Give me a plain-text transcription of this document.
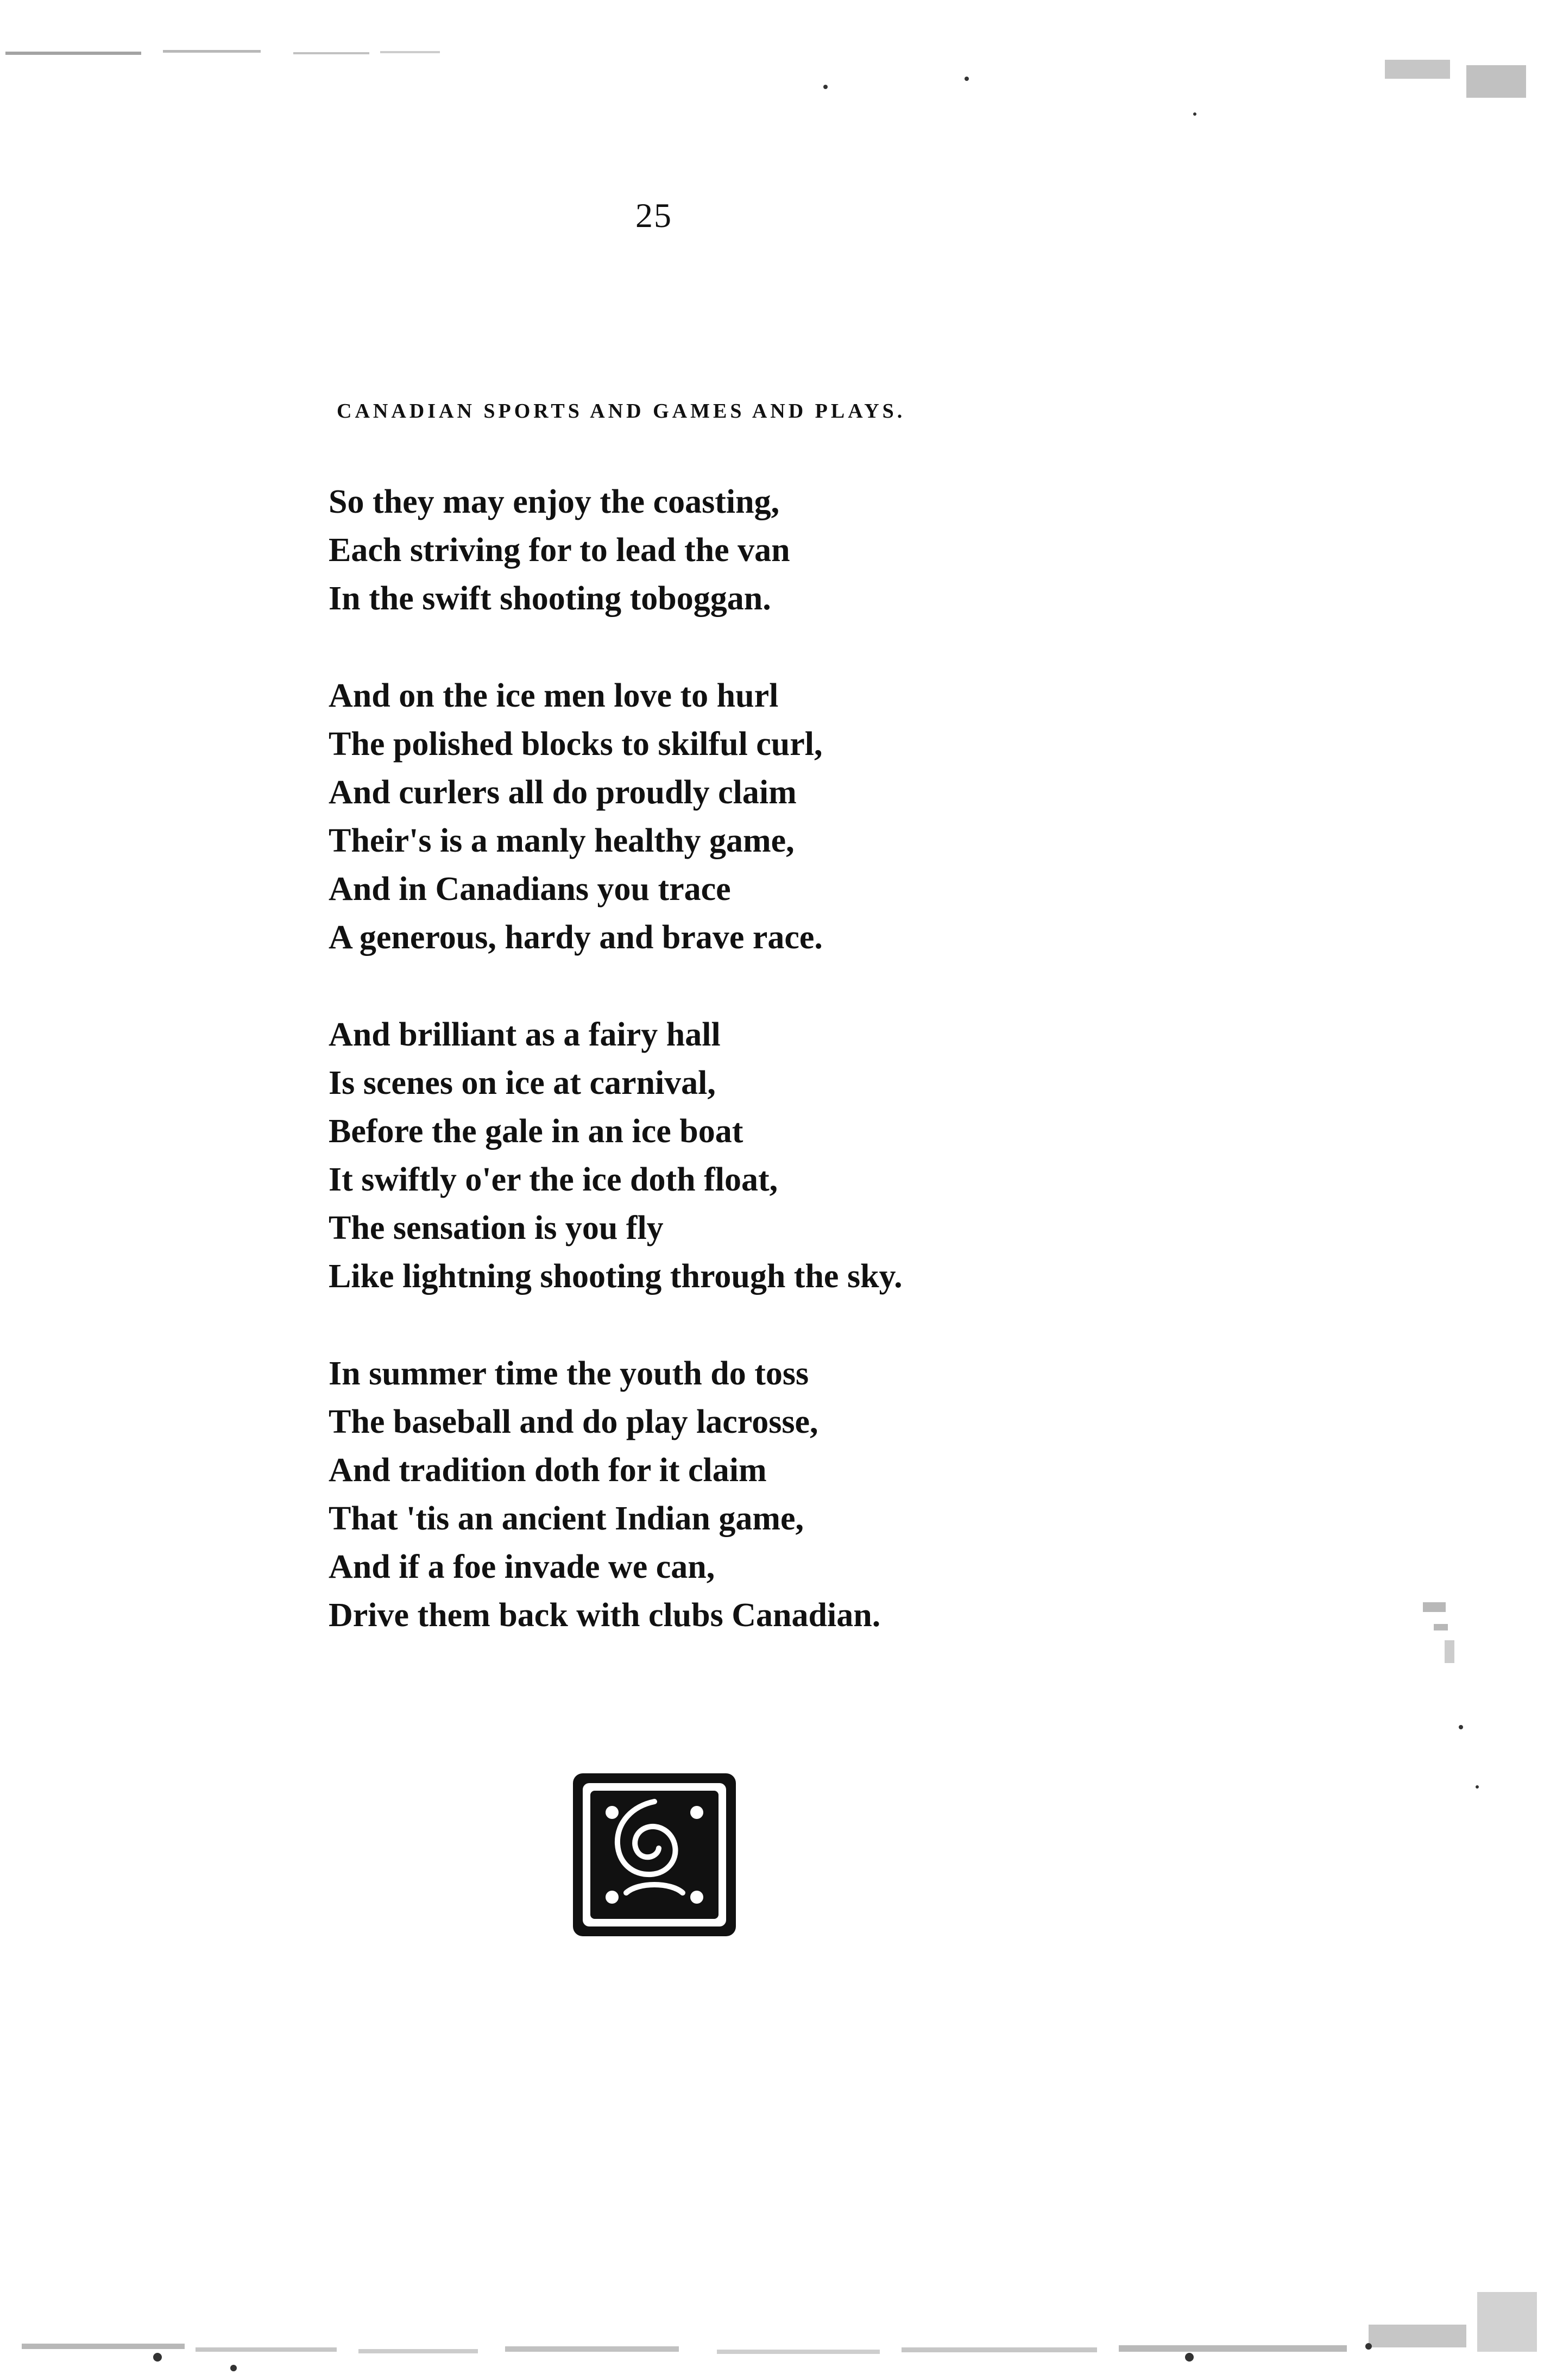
25
CANADIAN SPORTS AND GAMES AND PLAYS.
So they may enjoy the coasting,
Each striving for to lead the van
In the swift shooting toboggan.
And on the ice men love to hurl
The polished blocks to skilful curl,
And curlers all do proudly claim
Their's is a manly healthy game,
And in Canadians you trace
A generous, hardy and brave race.
And brilliant as a fairy hall
Is scenes on ice at carnival,
Before the gale in an ice boat
It swiftly o'er the ice doth float,
The sensation is you fly
Like lightning shooting through the sky.
In summer time the youth do toss
The baseball and do play lacrosse,
And tradition doth for it claim
That 'tis an ancient Indian game,
And if a foe invade we can,
Drive them back with clubs Canadian.
